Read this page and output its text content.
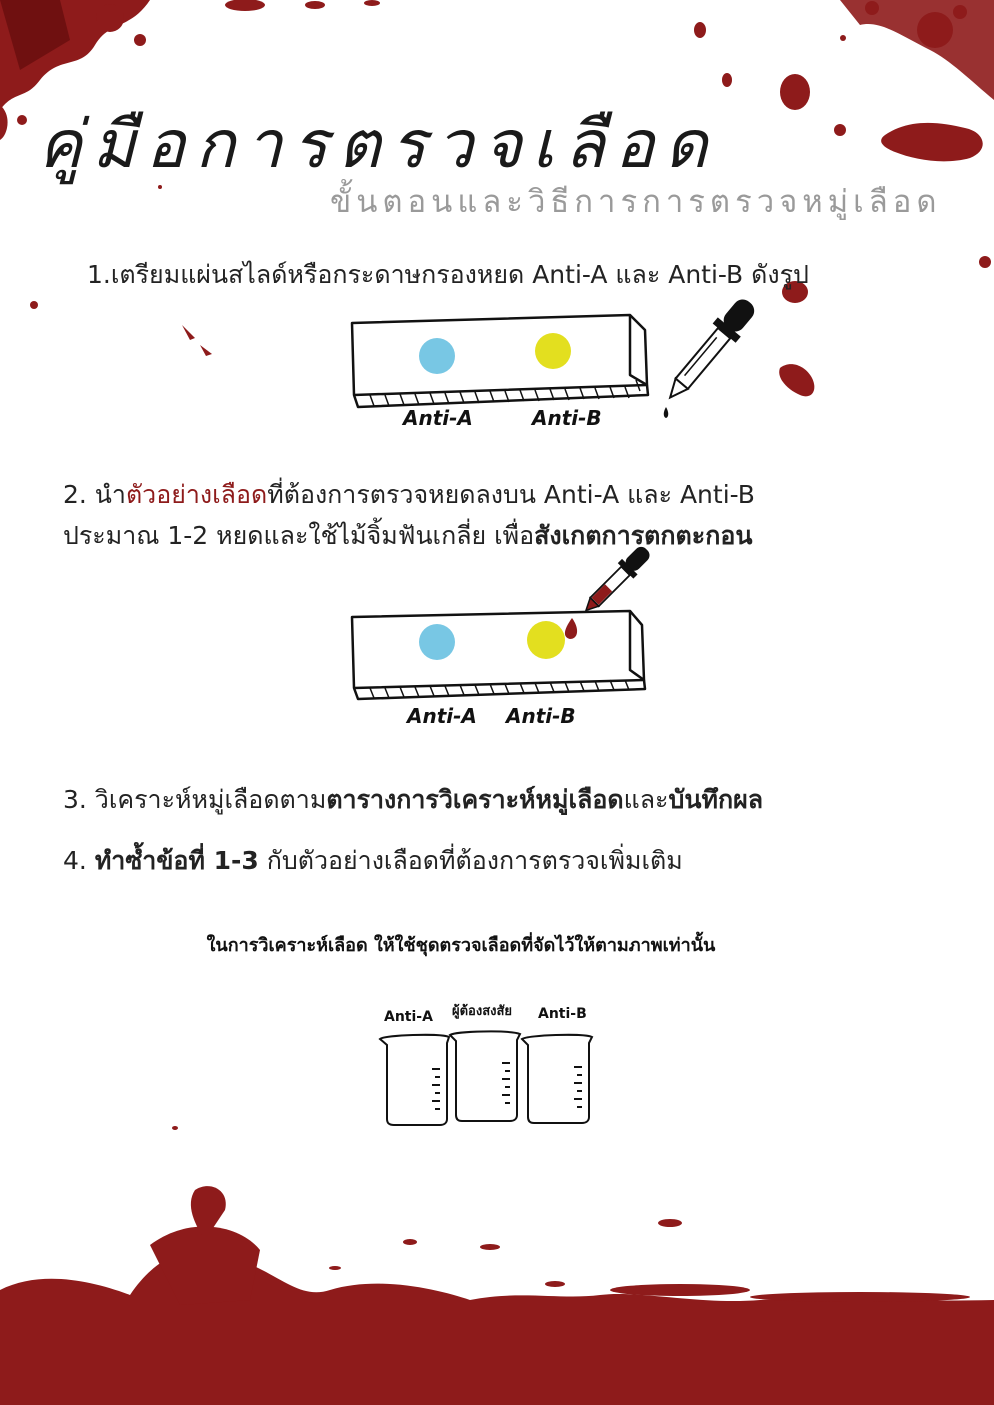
คู่มือการตรวจเลือด
ขั้นตอนและวิธีการการตรวจหมู่เลือด
1.เตรียมแผ่นสไลด์หรือกระดาษกรองหยด Anti-A และ Anti-B ดังรูป
Anti-A	Anti-B
2. นำตัวอย่างเลือดที่ต้องการตรวจหยดลงบน Anti-A และ Anti-B
ประมาณ 1-2 หยดและใช้ไม้จิ้มฟันเกลี่ย เพื่อสังเกตการตกตะกอน
Anti-A Anti-B
3. วิเคราะห์หมู่เลือดตามตารางการวิเคราะห์หมู่เลือดและบันทึกผล
4. ทำซ้ำข้อที่ 1-3 กับตัวอย่างเลือดที่ต้องการตรวจเพิ่มเติม
ในการวิเคราะห์เลือด ให้ใช้ชุดตรวจเลือดที่จัดไว้ให้ตามภาพเท่านั้น
Anti-A ผู้ต้องสงสัย Anti-B
